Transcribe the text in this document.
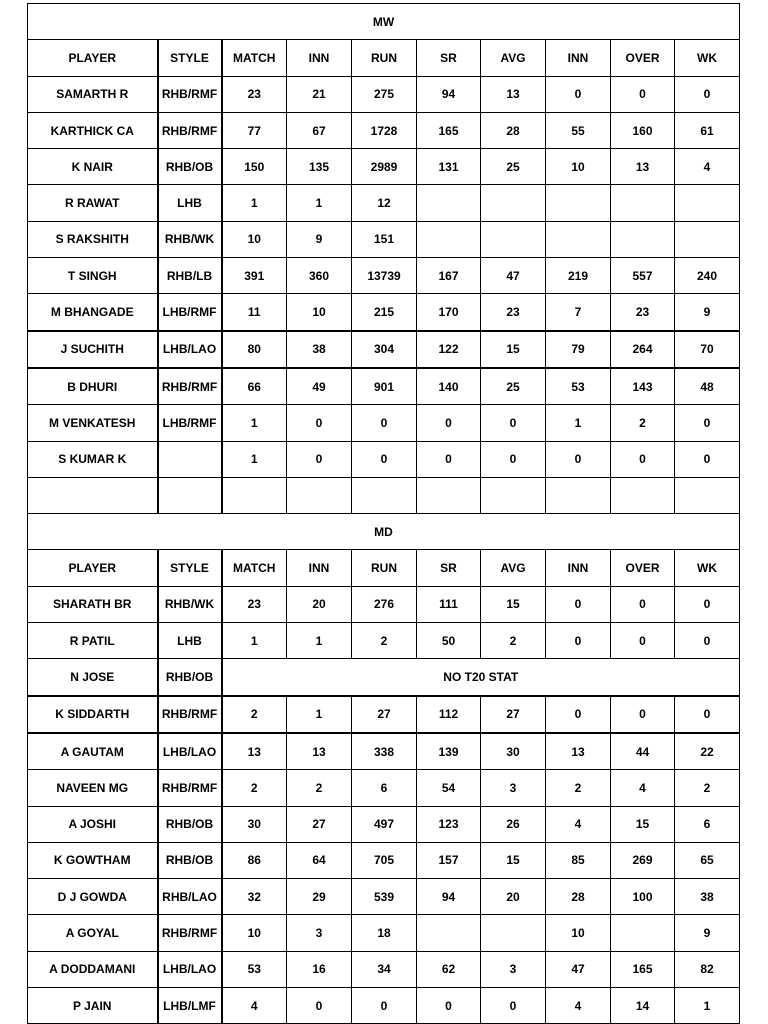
MW									
PLAYER	STYLE	MATCH	INN	RUN	SR	AVG	INN	OVER	WK
SAMARTH R	RHB/RMF	23	21	275	94	13	0	0	0
KARTHICK CA	RHB/RMF	77	67	1728	165	28	55	160	61
K NAIR	RHB/OB	150	135	2989	131	25	10	13	4
R RAWAT	LHB	1	1	12					
S RAKSHITH	RHB/WK	10	9	151					
T SINGH	RHB/LB	391	360	13739	167	47	219	557	240
M BHANGADE	LHB/RMF	11	10	215	170	23	7	23	9
J SUCHITH	LHB/LAO	80	38	304	122	15	79	264	70
B DHURI	RHB/RMF	66	49	901	140	25	53	143	48
M VENKATESH	LHB/RMF	1	0	0	0	0	1	2	0
S KUMAR K		1	0	0	0	0	0	0	0

MD									
PLAYER	STYLE	MATCH	INN	RUN	SR	AVG	INN	OVER	WK
SHARATH BR	RHB/WK	23	20	276	111	15	0	0	0
R PATIL	LHB	1	1	2	50	2	0	0	0
N JOSE	RHB/OB	NO T20 STAT							
K SIDDARTH	RHB/RMF	2	1	27	112	27	0	0	0
A GAUTAM	LHB/LAO	13	13	338	139	30	13	44	22
NAVEEN MG	RHB/RMF	2	2	6	54	3	2	4	2
A JOSHI	RHB/OB	30	27	497	123	26	4	15	6
K GOWTHAM	RHB/OB	86	64	705	157	15	85	269	65
D J GOWDA	RHB/LAO	32	29	539	94	20	28	100	38
A GOYAL	RHB/RMF	10	3	18			10		9
A DODDAMANI	LHB/LAO	53	16	34	62	3	47	165	82
P JAIN	LHB/LMF	4	0	0	0	0	4	14	1
